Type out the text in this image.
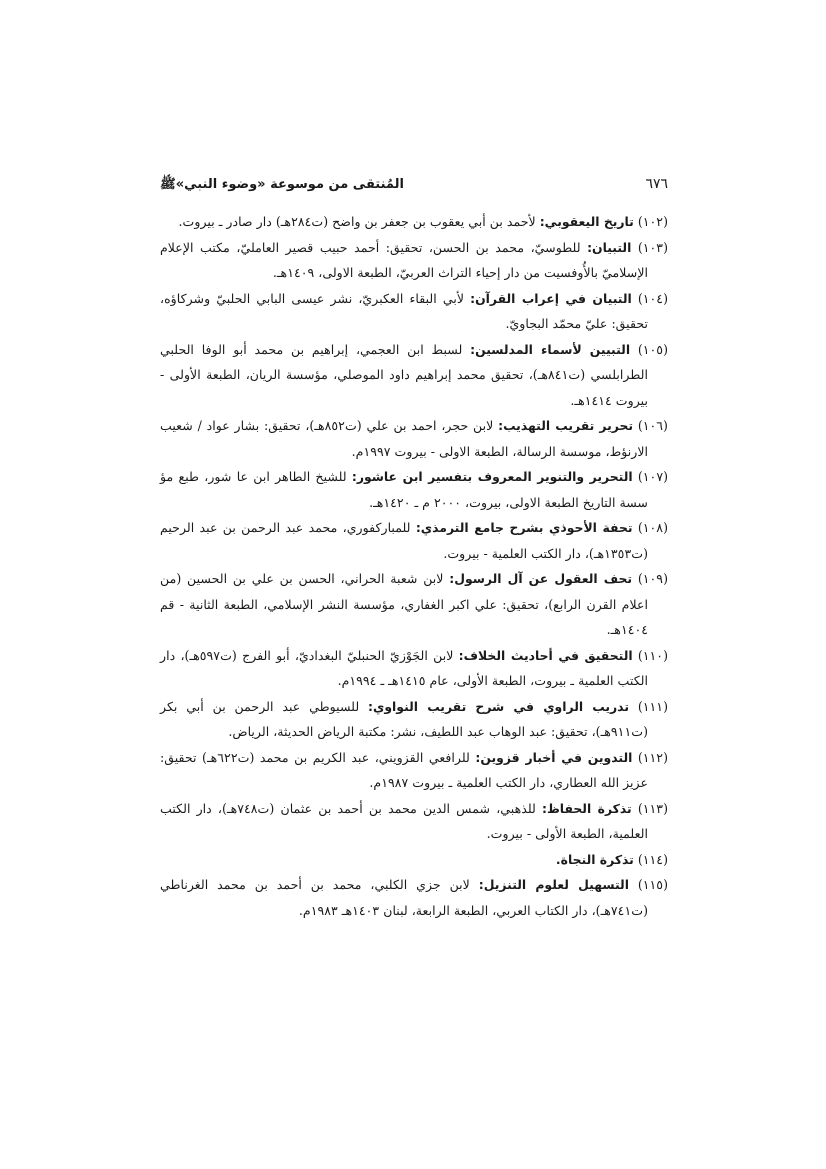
٦٧٦
المُنتقى من موسوعة «وضوء النبي»ﷺ
(١٠٢) تاريخ اليعقوبي: لأحمد بن أبي يعقوب بن جعفر بن واضح (ت٢٨٤هـ) دار صادر ـ بيروت.
(١٠٣) التبيان: للطوسيّ، محمد بن الحسن، تحقيق: أحمد حبيب قصير العامليّ، مكتب الإعلام الإسلاميّ بالأُوفسيت من دار إحياء التراث العربيّ، الطبعة الاولى، ١٤٠٩هـ.
(١٠٤) التبيان في إعراب القرآن: لأبي البقاء العكبريّ، نشر عيسى البابي الحلبيّ وشركاؤه، تحقيق: عليّ محمّد البجاويّ.
(١٠٥) التبيين لأسماء المدلسين: لسبط ابن العجمي، إبراهيم بن محمد أبو الوفا الحلبي الطرابلسي (ت٨٤١هـ)، تحقيق محمد إبراهيم داود الموصلي، مؤسسة الريان، الطبعة الأولى - بيروت ١٤١٤هـ.
(١٠٦) تحرير تقريب التهذيب: لابن حجر، احمد بن علي (ت٨٥٢هـ)، تحقيق: بشار عواد / شعيب الارنؤط، موسسة الرسالة، الطبعة الاولى - بيروت ١٩٩٧م.
(١٠٧) التحرير والتنوير المعروف بتفسير ابن عاشور: للشيخ الطاهر ابن عا شور، طبع مؤ سسة التاريخ الطبعة الاولى، بيروت، ٢٠٠٠ م ـ ١٤٢٠هـ.
(١٠٨) تحفة الأحوذي بشرح جامع الترمذي: للمباركفوري، محمد عبد الرحمن بن عبد الرحيم (ت١٣٥٣هـ)، دار الكتب العلمية - بيروت.
(١٠٩) تحف العقول عن آل الرسول: لابن شعبة الحراني، الحسن بن علي بن الحسين (من اعلام القرن الرابع)، تحقيق: علي اكبر الغفاري، مؤسسة النشر الإسلامي، الطبعة الثانية - قم ١٤٠٤هـ.
(١١٠) التحقيق في أحاديث الخلاف: لابن الجَوْزيّ الحنبليّ البغداديّ، أبو الفرج (ت٥٩٧هـ)، دار الكتب العلمية ـ بيروت، الطبعة الأولى، عام ١٤١٥هـ ـ ١٩٩٤م.
(١١١) تدريب الراوي في شرح تقريب النواوي: للسيوطي عبد الرحمن بن أبي بكر (ت٩١١هـ)، تحقيق: عبد الوهاب عبد اللطيف، نشر: مكتبة الرياض الحديثة، الرياض.
(١١٢) التدوين في أخبار قزوين: للرافعي القزويني، عبد الكريم بن محمد (ت٦٢٢هـ) تحقيق: عزيز الله العطاري، دار الكتب العلمية ـ بيروت ١٩٨٧م.
(١١٣) تذكرة الحفاظ: للذهبي، شمس الدين محمد بن أحمد بن عثمان (ت٧٤٨هـ)، دار الكتب العلمية، الطبعة الأولى - بيروت.
(١١٤) تذكرة النجاة.
(١١٥) التسهيل لعلوم التنزيل: لابن جزي الكلبي، محمد بن أحمد بن محمد الغرناطي (ت٧٤١هـ)، دار الكتاب العربي، الطبعة الرابعة، لبنان ١٤٠٣هـ ١٩٨٣م.
